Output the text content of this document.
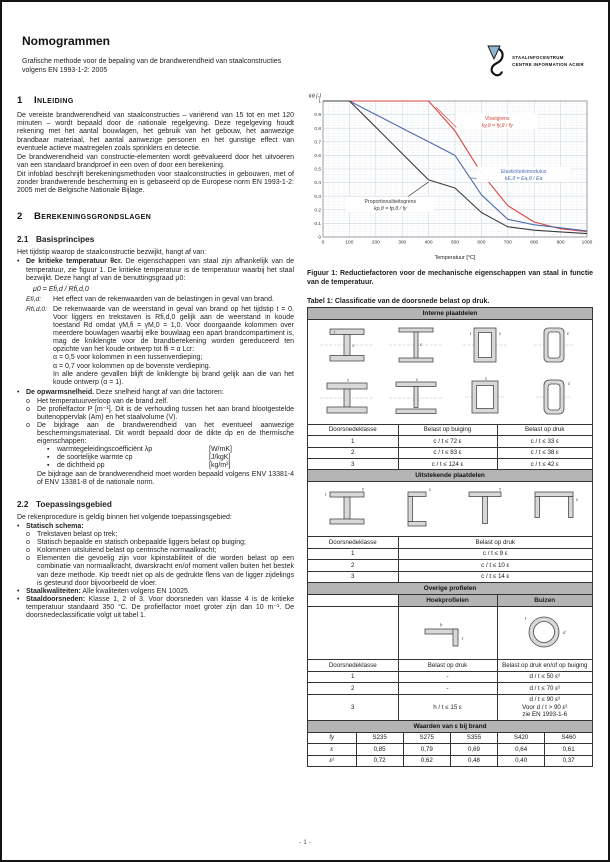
Nomogrammen
Grafische methode voor de bepaling van de brandwerendheid van staalconstructies
volgens EN 1993-1-2: 2005
STAALINFOCENTRUM
CENTRE INFORMATION ACIER
1 Inleiding

De vereiste brandwerendheid van staalconstructies – variërend van 15 tot en met 120 minuten – wordt bepaald door de nationale regelgeving. Deze regelgeving houdt rekening met het aantal bouwlagen, het gebruik van het gebouw, het aanwezige brandbaar materiaal, het aantal aanwezige personen en het gunstige effect van eventuele actieve maatregelen zoals sprinklers en detectie.

De brandwerendheid van constructie-elementen wordt geëvalueerd door het uitvoeren van een standaard brandproef in een oven of door een berekening.

Dit infoblad beschrijft berekeningsmethoden voor staalconstructies in gebouwen, met of zonder brandwerende bescherming en is gebaseerd op de Europese norm EN 1993-1-2: 2005 met de Belgische Nationale Bijlage.

2 Berekeningsgrondslagen
2.1 Basisprincipes

Het tijdstip waarop de staalconstructie bezwijkt, hangt af van:

• De kritieke temperatuur θcr. De eigenschappen van staal zijn afhankelijk van de temperatuur, zie figuur 1. De kritieke temperatuur is de temperatuur waarbij het staal bezwijkt. Deze hangt af van de benuttingsgraad μ0:
μ0 = Efi,d / Rfi,d,0
Efi,d:	Het effect van de rekenwaarden van de belastingen in geval van brand.
Rfi,d,0: De rekenwaarde van de weerstand in geval van brand op het tijdstip t = 0. Voor liggers en trekstaven is Rfi,d,0 gelijk aan de weerstand in koude toestand Rd omdat γM,fi = γM,0 = 1,0. Voor doorgaande kolommen over meerdere bouwlagen waarbij elke bouwlaag een apart brandcompartiment is, mag de kniklengte voor de brandberekening worden gereduceerd ten opzichte van het koude ontwerp tot lfi = α Lcr:
α = 0,5 voor kolommen in een tussenverdieping;
α = 0,7 voor kolommen op de bovenste verdieping.
In alle andere gevallen blijft de kniklengte bij brand gelijk aan die van het koude ontwerp (α = 1).
• De opwarmsnelheid. Deze snelheid hangt af van drie factoren:
o	Het temperatuurverloop van de brand zelf.
o	De profielfactor P [m⁻¹]. Dit is de verhouding tussen het aan brand blootgestelde buitenoppervlak (Am) en het staalvolume (V).
o	De bijdrage aan de brandwerendheid van het eventueel aanwezige beschermingsmateriaal. Dit wordt bepaald door de dikte dp en de thermische eigenschappen:
▪	warmtegeleidingscoëfficiënt λp	[W/mK]
▪	de soortelijke warmte cp	[J/kgK]
▪	de dichtheid ρp	[kg/m³]
De bijdrage aan de brandwerendheid moet worden bepaald volgens ENV 13381-4 of ENV 13381-8 of de nationale norm.
2.2 Toepassingsgebied

De rekenprocedure is geldig binnen het volgende toepassingsgebied:

• Statisch schema:
o	Trekstaven belast op trek;
o	Statisch bepaalde en statisch onbepaalde liggers belast op buiging;
o	Kolommen uitsluitend belast op centrische normaalkracht;
o	Elementen die gevoelig zijn voor kipinstabiliteit of die worden belast op een combinatie van normaalkracht, dwarskracht en/of moment vallen buiten het bestek van deze methode. Kip treedt niet op als de gedrukte flens van de ligger zijdelings is gesteund door bijvoorbeeld de vloer.
• Staalkwaliteiten: Alle kwaliteiten volgens EN 10025.
• Staaldoorsneden: Klasse 1, 2 of 3. Voor doorsneden van klasse 4 is de kritieke temperatuur standaard 350 °C. De profielfactor moet groter zijn dan 10 m⁻¹. De doorsnedeclassificatie volgt uit tabel 1.
0	100	200	300	400	500	600	700	800	900	1000
0
0.1
0.2
0.3
0.4
0.5
0.6
0.7
0.8
0.9
1
Temperatuur [°C]
kθ [-]
Vloeigrens
ky,θ = fy,θ / fy
Elasticiteitsmodulus
kE,θ = Ea,θ / Ea
Proportionaliteitsgrens
kp,θ = fp,θ / fy
Figuur 1: Reductiefactoren voor de mechanische eigenschappen van staal in functie van de temperatuur.
Tabel 1: Classificatie van de doorsnede belast op druk.
Interne plaatdelen
c
t
c
c
t	c
c	c	c
c
Doorsnedeklasse	Belast op buiging	Belast op druk
1	c / t ≤ 72 ε	c / t ≤ 33 ε
2	c / t ≤ 83 ε	c / t ≤ 38 ε
3	c / t ≤ 124 ε	c / t ≤ 42 ε
Uitstekende plaatdelen
c
t
c	c
c
Doorsnedeklasse	Belast op druk
1	c / t ≤ 9 ε
2	c / t ≤ 10 ε
3	c / t ≤ 14 ε
Overige profielen
	Hoekprofielen	Buizen

h
t	d
t

Doorsnedeklasse	Belast op druk	Belast op druk en/of op buiging
1	-	d / t ≤ 50 ε²
2	-	d / t ≤ 70 ε²
3	h / t ≤ 15 ε	d / t ≤ 90 ε²
Voor d / t > 90 ε²
zie EN 1993-1-6
Waarden van ε bij brand
fy	S235	S275	S355	S420	S460
ε	0,85	0,79	0,69	0,64	0,61
ε²	0,72	0,62	0,48	0,40	0,37
- 1 -
